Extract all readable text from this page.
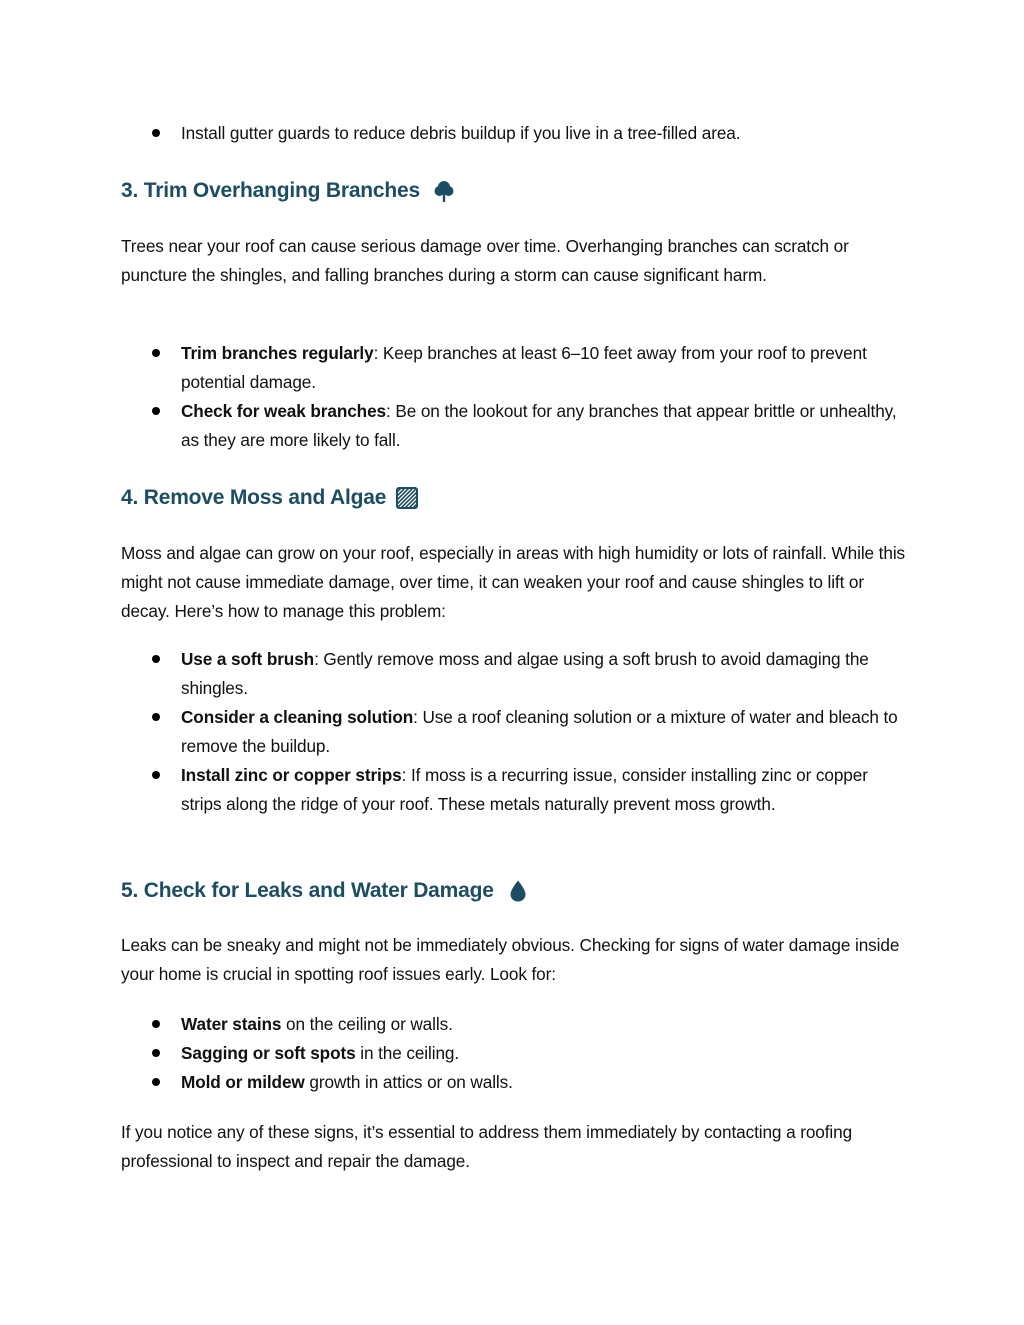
Install gutter guards to reduce debris buildup if you live in a tree-filled area.
3. Trim Overhanging Branches

Trees near your roof can cause serious damage over time. Overhanging branches can scratch or puncture the shingles, and falling branches during a storm can cause significant harm.

Trim branches regularly: Keep branches at least 6–10 feet away from your roof to prevent potential damage.
Check for weak branches: Be on the lookout for any branches that appear brittle or unhealthy, as they are more likely to fall.
4. Remove Moss and Algae

Moss and algae can grow on your roof, especially in areas with high humidity or lots of rainfall. While this might not cause immediate damage, over time, it can weaken your roof and cause shingles to lift or decay. Here’s how to manage this problem:

Use a soft brush: Gently remove moss and algae using a soft brush to avoid damaging the shingles.
Consider a cleaning solution: Use a roof cleaning solution or a mixture of water and bleach to remove the buildup.
Install zinc or copper strips: If moss is a recurring issue, consider installing zinc or copper strips along the ridge of your roof. These metals naturally prevent moss growth.
5. Check for Leaks and Water Damage

Leaks can be sneaky and might not be immediately obvious. Checking for signs of water damage inside your home is crucial in spotting roof issues early. Look for:

Water stains on the ceiling or walls.
Sagging or soft spots in the ceiling.
Mold or mildew growth in attics or on walls.

If you notice any of these signs, it’s essential to address them immediately by contacting a roofing professional to inspect and repair the damage.
